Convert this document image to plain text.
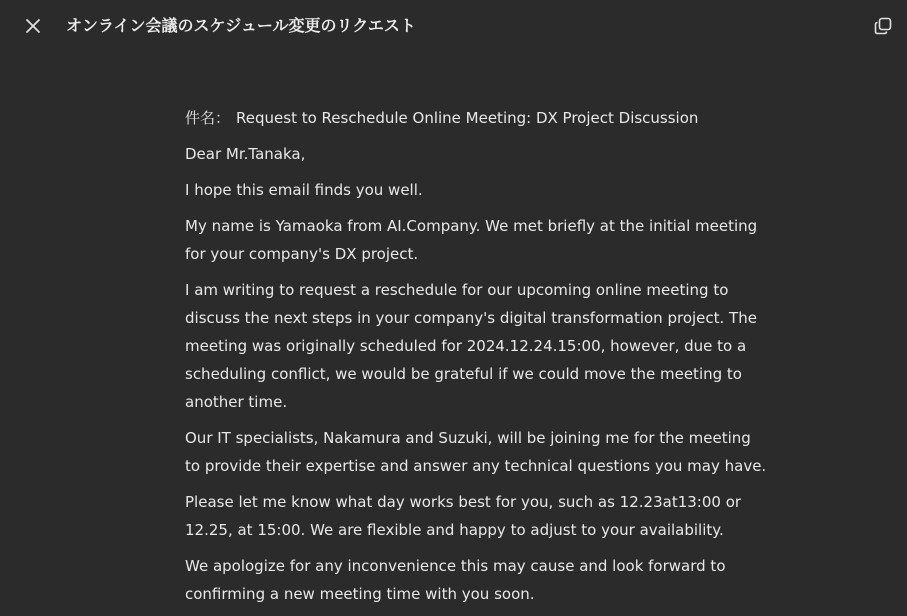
オンライン会議のスケジュール変更のリクエスト

件名： Request to Reschedule Online Meeting: DX Project Discussion

Dear Mr.Tanaka,

I hope this email finds you well.

My name is Yamaoka from AI.Company. We met briefly at the initial meeting for your company's DX project.

I am writing to request a reschedule for our upcoming online meeting to discuss the next steps in your company's digital transformation project. The meeting was originally scheduled for 2024.12.24.15:00, however, due to a scheduling conflict, we would be grateful if we could move the meeting to another time.

Our IT specialists, Nakamura and Suzuki, will be joining me for the meeting to provide their expertise and answer any technical questions you may have.

Please let me know what day works best for you, such as 12.23at13:00 or 12.25, at 15:00. We are flexible and happy to adjust to your availability.

We apologize for any inconvenience this may cause and look forward to confirming a new meeting time with you soon.
